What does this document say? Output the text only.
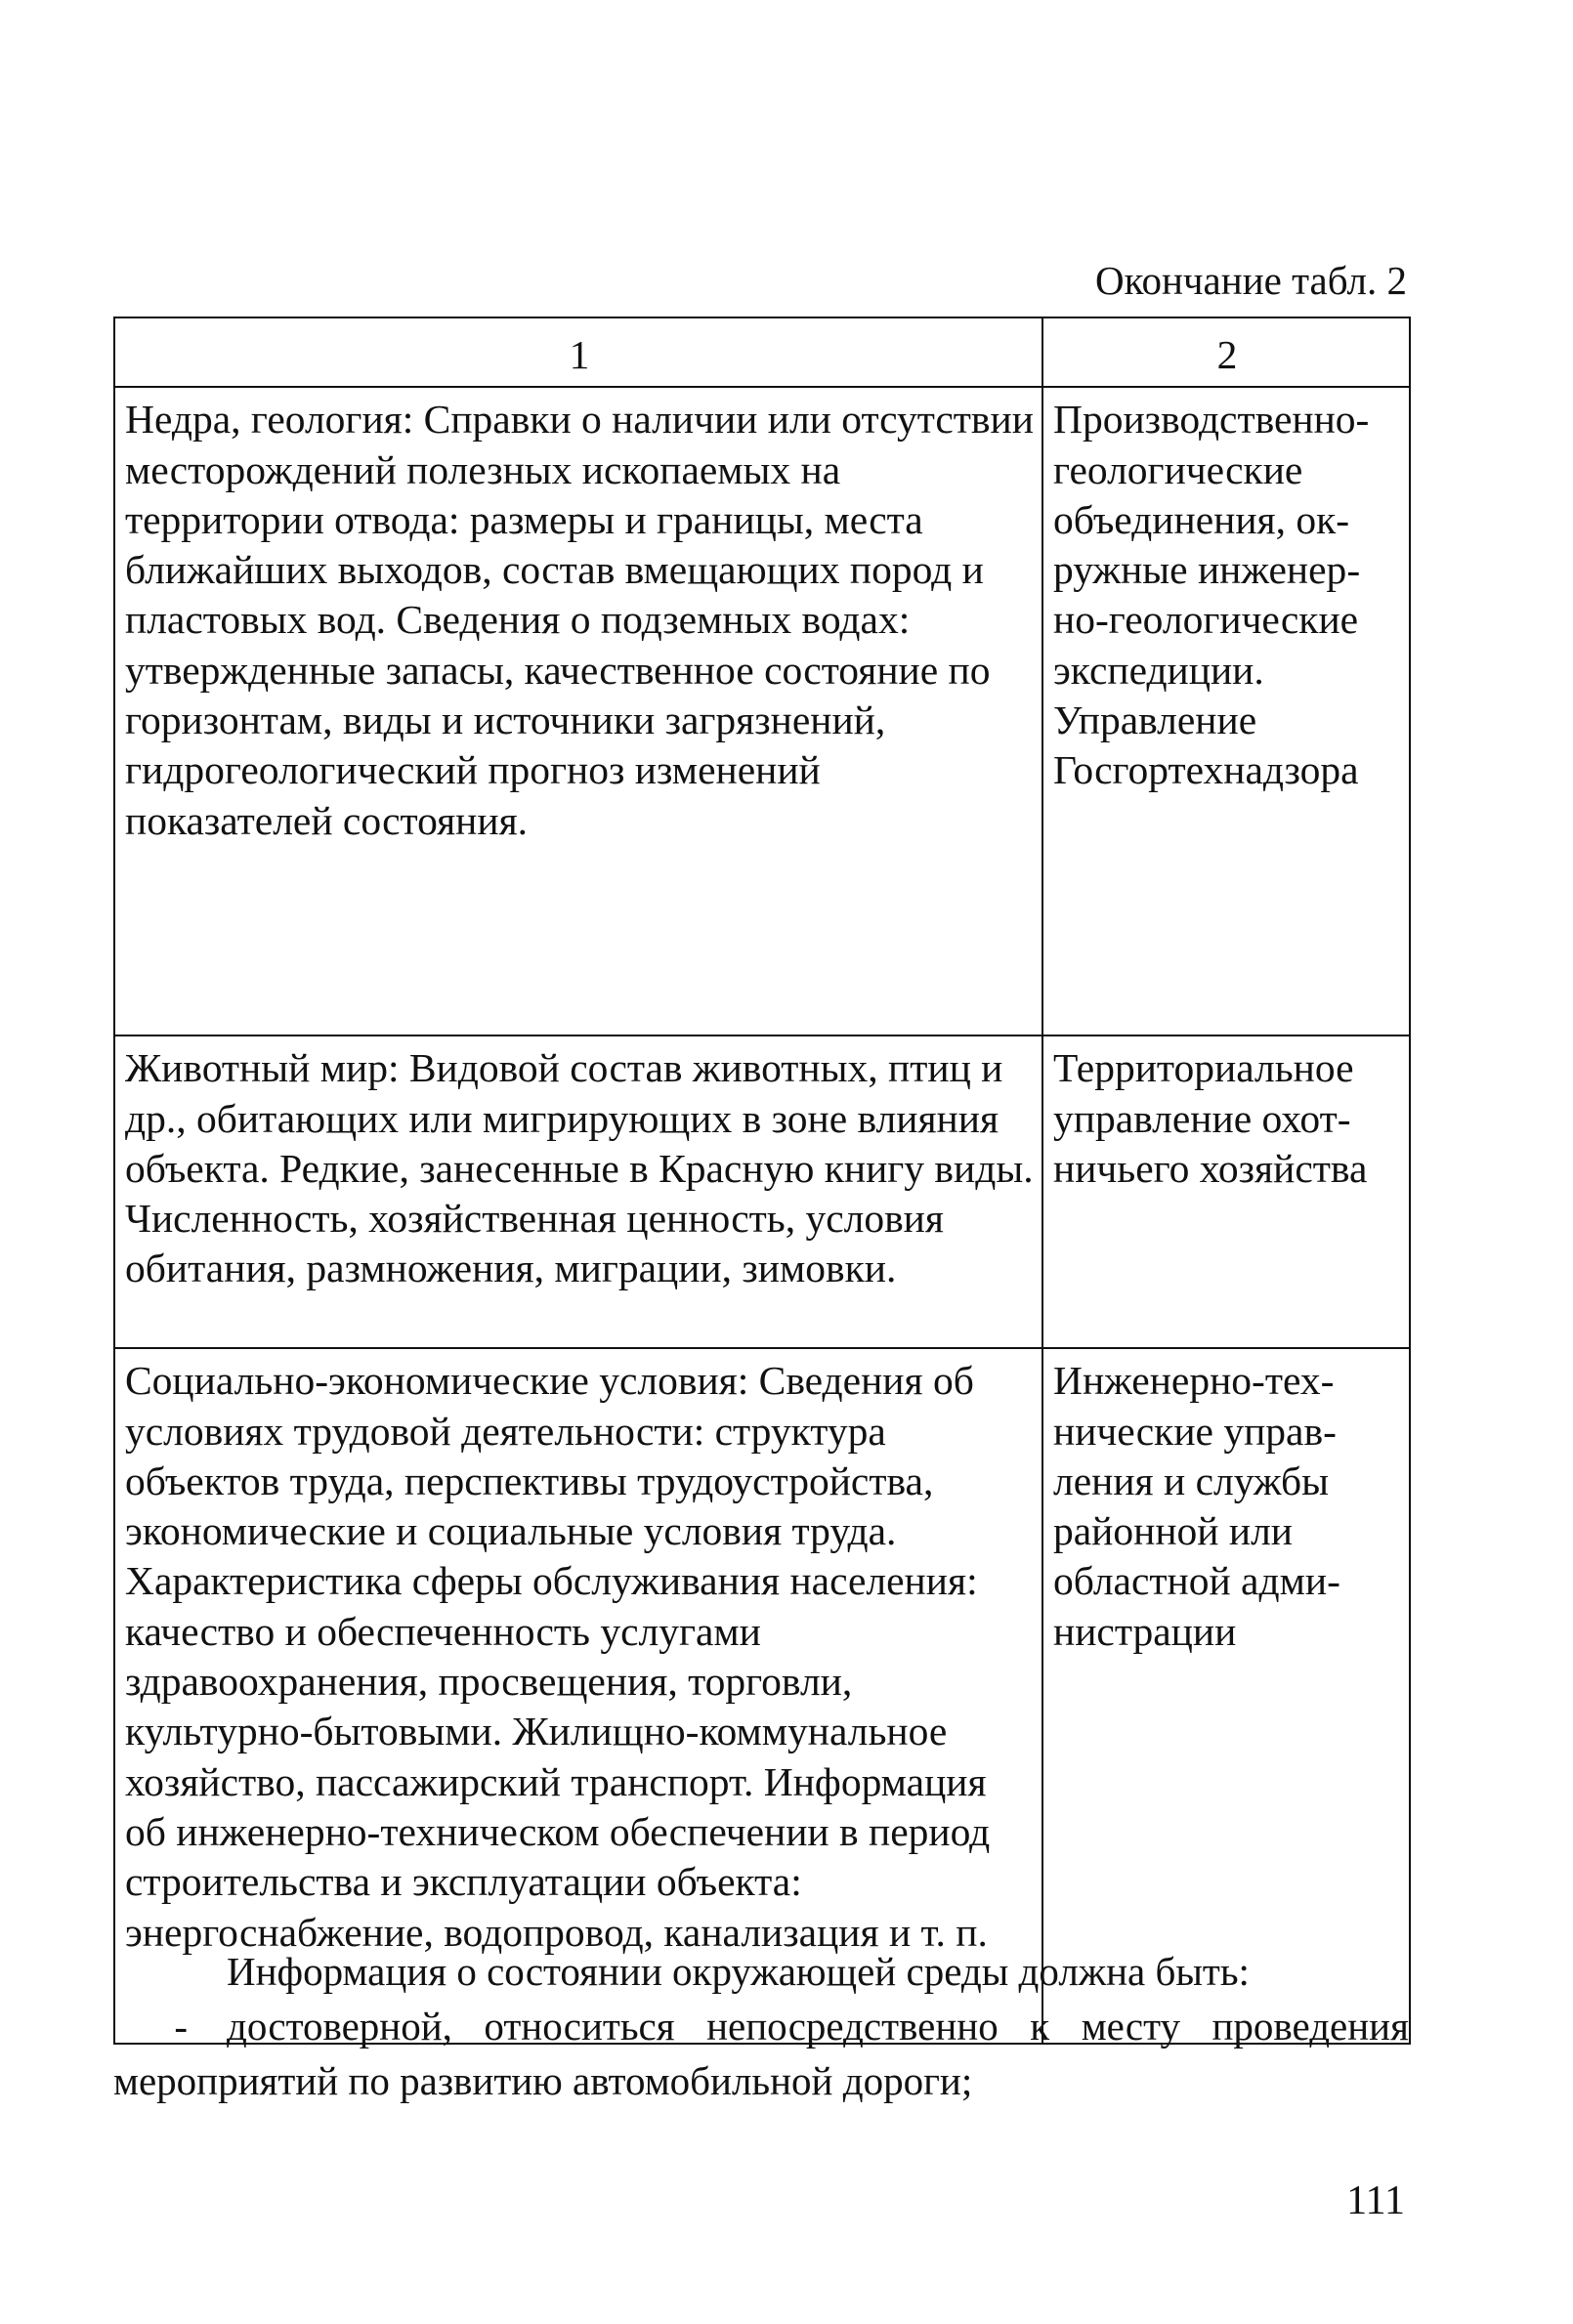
Окончание табл. 2
1	2

Недра, геология: Справки о наличии или отсутствии месторождений полезных ископаемых на территории отвода: размеры и границы, места ближайших выходов, состав вмещающих пород и пластовых вод. Сведения о подземных водах: утвержденные запасы, качественное состояние по горизонтам, виды и источники загрязнений, гидрогеологический прогноз изменений показателей состояния.	Производственно-геологические объединения, окружные инженерно-геологические экспедиции. Управление Госгортехнадзора

Животный мир: Видовой состав животных, птиц и др., обитающих или мигрирующих в зоне влияния объекта. Редкие, занесенные в Красную книгу виды. Численность, хозяйственная ценность, условия обитания, размножения, миграции, зимовки.	Территориальное управление охотничьего хозяйства

Социально-экономические условия: Сведения об условиях трудовой деятельности: структура объектов труда, перспективы трудоустройства, экономические и социальные условия труда. Характеристика сферы обслуживания населения: качество и обеспеченность услугами здравоохранения, просвещения, торговли, культурно-бытовыми. Жилищно-коммунальное хозяйство, пассажирский транспорт. Информация об инженерно-техническом обеспечении в период строительства и эксплуатации объекта: энергоснабжение, водопровод, канализация и т. п.	Инженерно-технические управления и службы районной или областной администрации

Информация о состоянии окружающей среды должна быть:

- достоверной, относиться непосредственно к месту проведения мероприятий по развитию автомобильной дороги;

111
